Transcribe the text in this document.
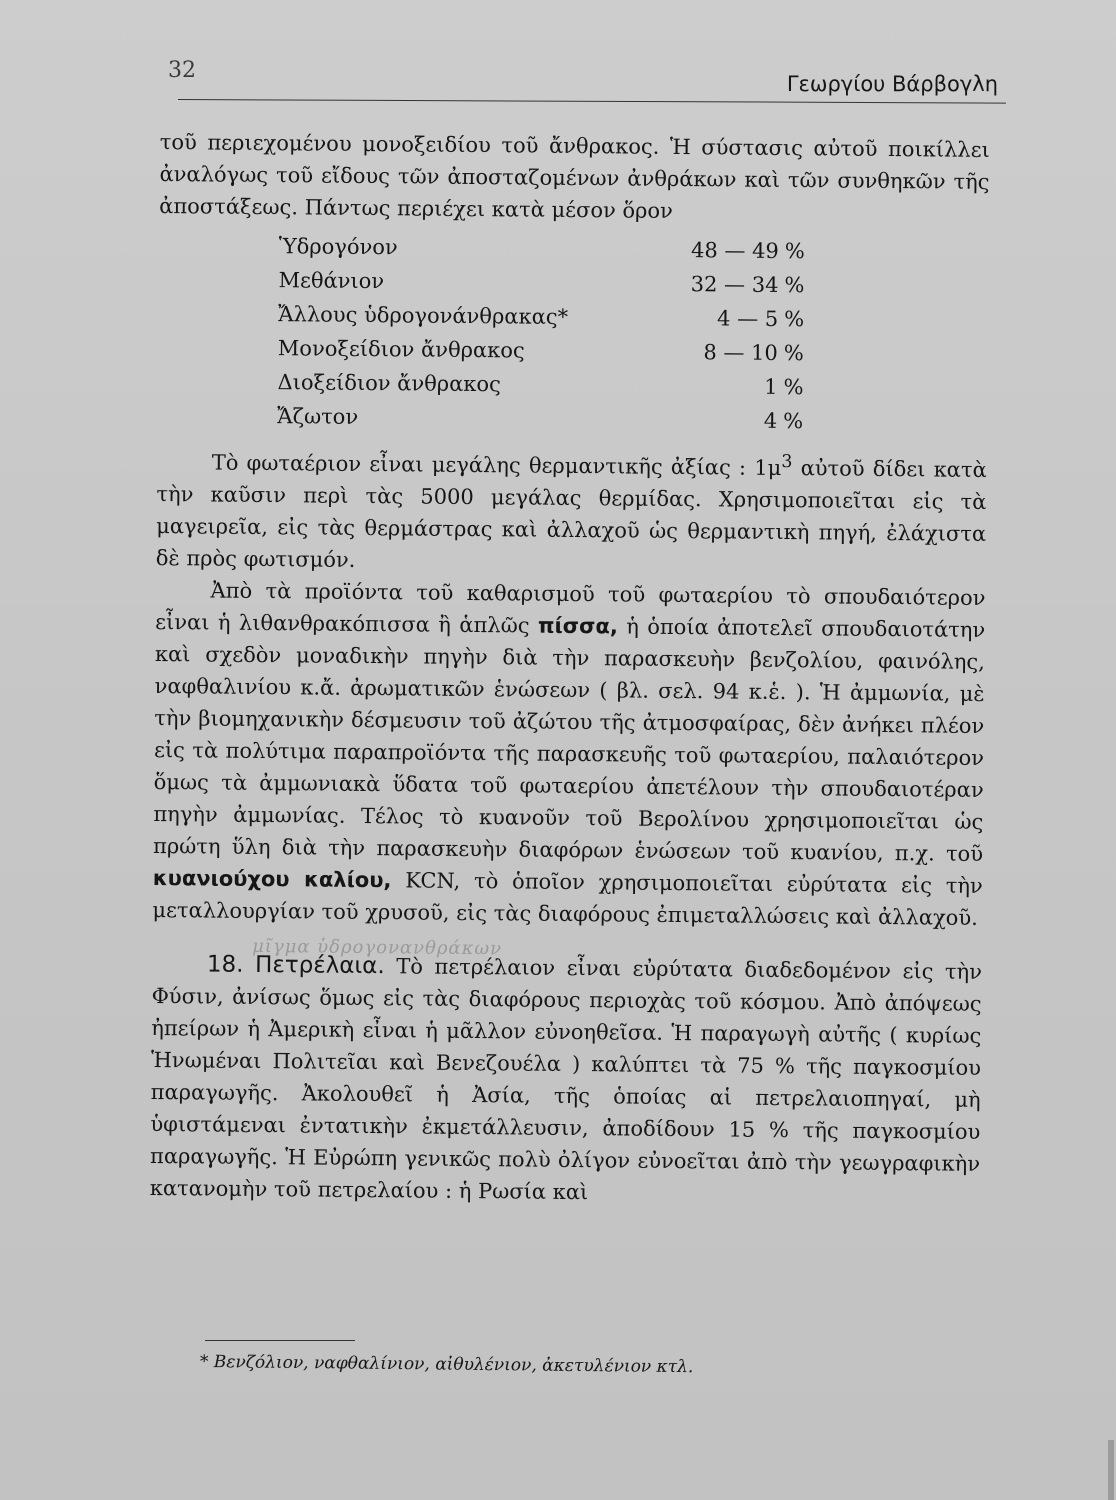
32
Γεωργίου Βάρβογλη

τοῦ περιεχομένου μονοξειδίου τοῦ ἄνθρακος. Ἡ σύστασις αὐτοῦ ποικίλλει ἀναλόγως τοῦ εἴδους τῶν ἀποσταζομένων ἀνθράκων καὶ τῶν συνθηκῶν τῆς ἀποστάξεως. Πάντως περιέχει κατὰ μέσον ὅρον

Ὑδρογόνον	48 — 49	%
Μεθάνιον	32 — 34	%
Ἄλλους ὑδρογονάνθρακας*	4 — 5	%
Μονοξείδιον ἄνθρακος	8 — 10	%
Διοξείδιον ἄνθρακος	1	%
Ἄζωτον	4	%

Τὸ φωταέριον εἶναι μεγάλης θερμαντικῆς ἀξίας : $1\mu^3$ αὐτοῦ δίδει κατὰ τὴν καῦσιν περὶ τὰς 5000 μεγάλας θερμίδας. Χρησιμοποιεῖται εἰς τὰ μαγειρεῖα, εἰς τὰς θερμάστρας καὶ ἀλλαχοῦ ὡς θερμαντικὴ πηγή, ἐλάχιστα δὲ πρὸς φωτισμόν.

Ἀπὸ τὰ προϊόντα τοῦ καθαρισμοῦ τοῦ φωταερίου τὸ σπουδαιότερον εἶναι ἡ λιθανθρακόπισσα ἢ ἁπλῶς πίσσα, ἡ ὁποία ἀποτελεῖ σπουδαιοτάτην καὶ σχεδὸν μοναδικὴν πηγὴν διὰ τὴν παρασκευὴν βενζολίου, φαινόλης, ναφθαλινίου κ.ἄ. ἀρωματικῶν ἑνώσεων ( βλ. σελ. 94 κ.ἑ. ). Ἡ ἀμμωνία, μὲ τὴν βιομηχανικὴν δέσμευσιν τοῦ ἀζώτου τῆς ἀτμοσφαίρας, δὲν ἀνήκει πλέον εἰς τὰ πολύτιμα παραπροϊόντα τῆς παρασκευῆς τοῦ φωταερίου, παλαιότερον ὅμως τὰ ἀμμωνιακὰ ὕδατα τοῦ φωταερίου ἀπετέλουν τὴν σπουδαιοτέραν πηγὴν ἀμμωνίας. Τέλος τὸ κυανοῦν τοῦ Βερολίνου χρησιμοποιεῖται ὡς πρώτη ὕλη διὰ τὴν παρασκευὴν διαφόρων ἑνώσεων τοῦ κυανίου, π.χ. τοῦ κυανιούχου καλίου, KCN, τὸ ὁποῖον χρησιμοποιεῖται εὐρύτατα εἰς τὴν μεταλλουργίαν τοῦ χρυσοῦ, εἰς τὰς διαφόρους ἐπιμεταλλώσεις καὶ ἀλλαχοῦ.

μῖγμα ὑδρογονανθράκων

18. Πετρέλαια. Τὸ πετρέλαιον εἶναι εὐρύτατα διαδεδομένον εἰς τὴν Φύσιν, ἀνίσως ὅμως εἰς τὰς διαφόρους περιοχὰς τοῦ κόσμου. Ἀπὸ ἀπόψεως ἠπείρων ἡ Ἀμερικὴ εἶναι ἡ μᾶλλον εὐνοηθεῖσα. Ἡ παραγωγὴ αὐτῆς ( κυρίως Ἡνωμέναι Πολιτεῖαι καὶ Βενεζουέλα ) καλύπτει τὰ 75 % τῆς παγκοσμίου παραγωγῆς. Ἀκολουθεῖ ἡ Ἀσία, τῆς ὁποίας αἱ πετρελαιοπηγαί, μὴ ὑφιστάμεναι ἐντατικὴν ἐκμετάλλευσιν, ἀποδίδουν 15 % τῆς παγκοσμίου παραγωγῆς. Ἡ Εὐρώπη γενικῶς πολὺ ὀλίγον εὐνοεῖται ἀπὸ τὴν γεωγραφικὴν κατανομὴν τοῦ πετρελαίου : ἡ Ρωσία καὶ

* Βενζόλιον, ναφθαλίνιον, αἰθυλένιον, ἀκετυλένιον κτλ.
